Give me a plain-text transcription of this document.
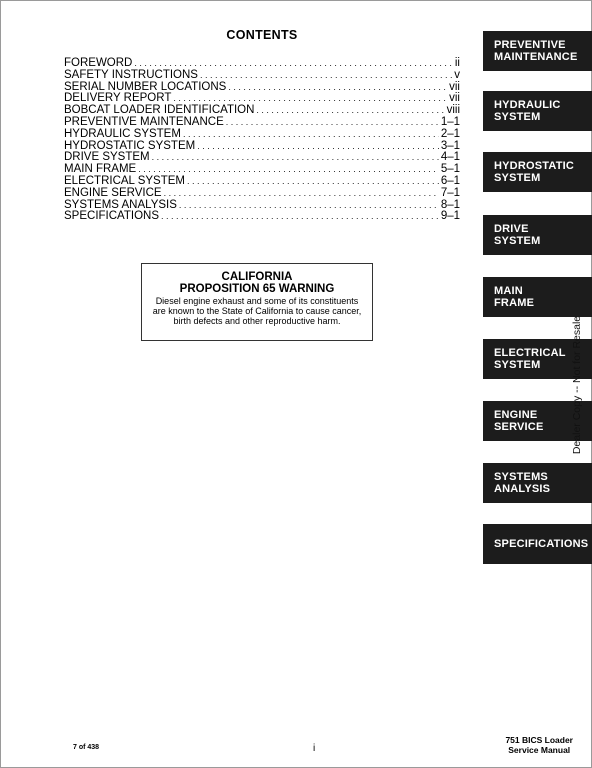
CONTENTS
FOREWORD . . .	ii
SAFETY INSTRUCTIONS . . .	v
SERIAL NUMBER LOCATIONS . . .	vii
DELIVERY REPORT . . .	vii
BOBCAT LOADER IDENTIFICATION . . .	viii
PREVENTIVE MAINTENANCE . . .	1–1
HYDRAULIC SYSTEM . . .	2–1
HYDROSTATIC SYSTEM . . .	3–1
DRIVE SYSTEM . . .	4–1
MAIN FRAME . . .	5–1
ELECTRICAL SYSTEM . . .	6–1
ENGINE SERVICE . . .	7–1
SYSTEMS ANALYSIS . . .	8–1
SPECIFICATIONS . . .	9–1
CALIFORNIA
PROPOSITION 65 WARNING
Diesel engine exhaust and some of its constituents are known to the State of California to cause cancer, birth defects and other reproductive harm.
PREVENTIVE
MAINTENANCE
HYDRAULIC
SYSTEM
HYDROSTATIC
SYSTEM
DRIVE
SYSTEM
MAIN
FRAME
ELECTRICAL
SYSTEM
ENGINE
SERVICE
SYSTEMS
ANALYSIS
SPECIFICATIONS
Dealer Copy -- Not for Resale
7 of 438	i
751 BICS Loader
Service Manual
